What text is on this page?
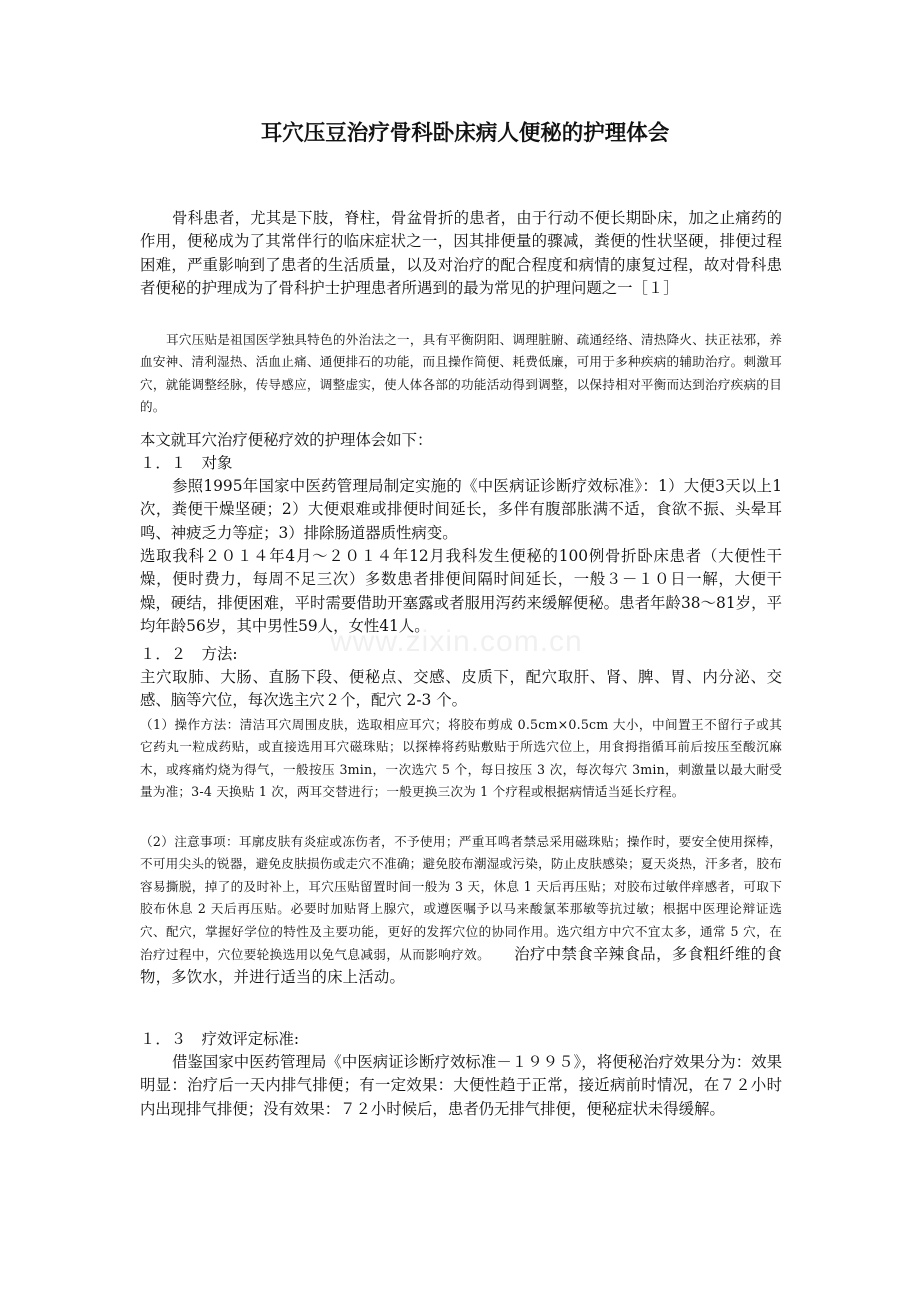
耳穴压豆治疗骨科卧床病人便秘的护理体会

骨科患者，尤其是下肢，脊柱，骨盆骨折的患者，由于行动不便长期卧床，加之止痛药的作用，便秘成为了其常伴行的临床症状之一，因其排便量的骤减，粪便的性状坚硬，排便过程困难，严重影响到了患者的生活质量，以及对治疗的配合程度和病情的康复过程，故对骨科患者便秘的护理成为了骨科护士护理患者所遇到的最为常见的护理问题之一［１］

耳穴压贴是祖国医学独具特色的外治法之一，具有平衡阴阳、调理脏腑、疏通经络、清热降火、扶正祛邪，养血安神、清利湿热、活血止痛、通便排石的功能，而且操作简便、耗费低廉，可用于多种疾病的辅助治疗。刺激耳穴，就能调整经脉，传导感应，调整虚实，使人体各部的功能活动得到调整，以保持相对平衡而达到治疗疾病的目的。

本文就耳穴治疗便秘疗效的护理体会如下：

１．１　对象

参照1995年国家中医药管理局制定实施的《中医病证诊断疗效标准》：1）大便3天以上1次，粪便干燥坚硬；2）大便艰难或排便时间延长，多伴有腹部胀满不适，食欲不振、头晕耳鸣、神疲乏力等症；3）排除肠道器质性病变。

选取我科２０１４年4月～２０１４年12月我科发生便秘的100例骨折卧床患者（大便性干燥，便时费力，每周不足三次）多数患者排便间隔时间延长，一般３－１０日一解，大便干燥，硬结，排便困难，平时需要借助开塞露或者服用泻药来缓解便秘。患者年龄38～81岁，平均年龄56岁，其中男性59人，女性41人。

１．２　方法:

主穴取肺、大肠、直肠下段、便秘点、交感、皮质下，配穴取肝、肾、脾、胃、内分泌、交感、脑等穴位，每次选主穴２个，配穴 2-3 个。

（1）操作方法：清洁耳穴周围皮肤，选取相应耳穴；将胶布剪成 0.5cm×0.5cm 大小，中间置王不留行子或其它药丸一粒成药贴，或直接选用耳穴磁珠贴；以探棒将药贴敷贴于所选穴位上，用食拇指循耳前后按压至酸沉麻木，或疼痛灼烧为得气，一般按压 3min，一次选穴 5 个，每日按压 3 次，每次每穴 3min，刺激量以最大耐受量为准；3-4 天换贴 1 次，两耳交替进行；一般更换三次为 1 个疗程或根据病情适当延长疗程。

（2）注意事项：耳廓皮肤有炎症或冻伤者，不予使用；严重耳鸣者禁忌采用磁珠贴；操作时，要安全使用探棒，不可用尖头的锐器，避免皮肤损伤或走穴不准确；避免胶布潮湿或污染，防止皮肤感染；夏天炎热，汗多者，胶布容易撕脱，掉了的及时补上，耳穴压贴留置时间一般为 3 天，休息 1 天后再压贴；对胶布过敏伴痒感者，可取下胶布休息 2 天后再压贴。必要时加贴肾上腺穴，或遵医嘱予以马来酸氯苯那敏等抗过敏；根据中医理论辩证选穴、配穴，掌握好学位的特性及主要功能，更好的发挥穴位的协同作用。选穴组方中穴不宜太多，通常 5 穴，在治疗过程中，穴位要轮换选用以免气息减弱，从而影响疗效。 治疗中禁食辛辣食品，多食粗纤维的食物，多饮水，并进行适当的床上活动。

１．３　疗效评定标准:

借鉴国家中医药管理局《中医病证诊断疗效标准－１９９５》，将便秘治疗效果分为：效果明显：治疗后一天内排气排便；有一定效果：大便性趋于正常，接近病前时情况，在７２小时内出现排气排便；没有效果：７２小时候后，患者仍无排气排便，便秘症状未得缓解。

www.zixin.com.cn
